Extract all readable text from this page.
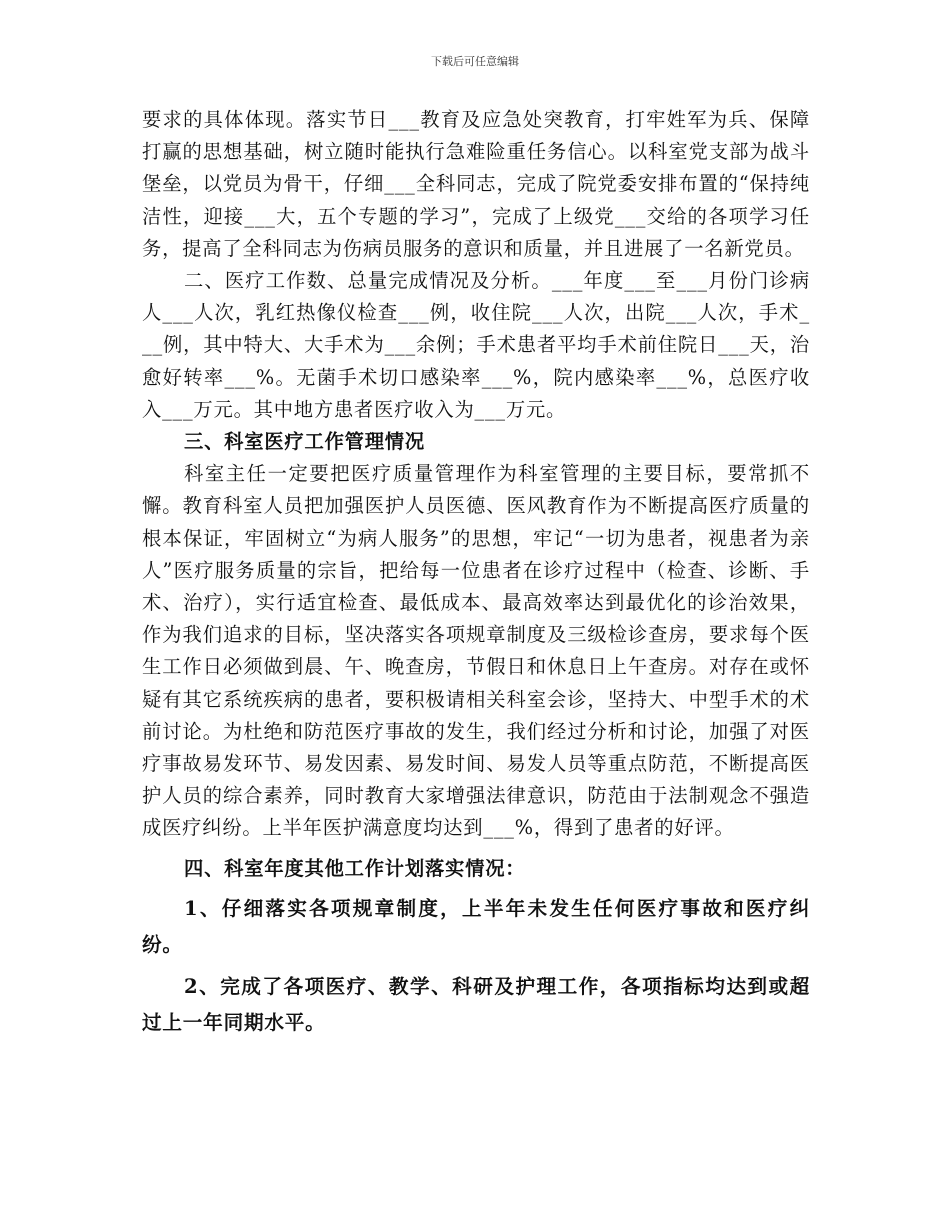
下载后可任意编辑

要求的具体体现。落实节日___教育及应急处突教育，打牢姓军为兵、保障打赢的思想基础，树立随时能执行急难险重任务信心。以科室党支部为战斗堡垒，以党员为骨干，仔细___全科同志，完成了院党委安排布置的“保持纯洁性，迎接___大，五个专题的学习”，完成了上级党___交给的各项学习任务，提高了全科同志为伤病员服务的意识和质量，并且进展了一名新党员。

二、医疗工作数、总量完成情况及分析。___年度___至___月份门诊病人___人次，乳红热像仪检查___例，收住院___人次，出院___人次，手术___例，其中特大、大手术为___余例；手术患者平均手术前住院日___天，治愈好转率___%。无菌手术切口感染率___%，院内感染率___%，总医疗收入___万元。其中地方患者医疗收入为___万元。

三、科室医疗工作管理情况

科室主任一定要把医疗质量管理作为科室管理的主要目标，要常抓不懈。教育科室人员把加强医护人员医德、医风教育作为不断提高医疗质量的根本保证，牢固树立“为病人服务”的思想，牢记“一切为患者，视患者为亲人”医疗服务质量的宗旨，把给每一位患者在诊疗过程中（检查、诊断、手术、治疗），实行适宜检查、最低成本、最高效率达到最优化的诊治效果，作为我们追求的目标，坚决落实各项规章制度及三级检诊查房，要求每个医生工作日必须做到晨、午、晚查房，节假日和休息日上午查房。对存在或怀疑有其它系统疾病的患者，要积极请相关科室会诊，坚持大、中型手术的术前讨论。为杜绝和防范医疗事故的发生，我们经过分析和讨论，加强了对医疗事故易发环节、易发因素、易发时间、易发人员等重点防范，不断提高医护人员的综合素养，同时教育大家增强法律意识，防范由于法制观念不强造成医疗纠纷。上半年医护满意度均达到___%，得到了患者的好评。

四、科室年度其他工作计划落实情况：

1、仔细落实各项规章制度，上半年未发生任何医疗事故和医疗纠纷。

2、完成了各项医疗、教学、科研及护理工作，各项指标均达到或超过上一年同期水平。
